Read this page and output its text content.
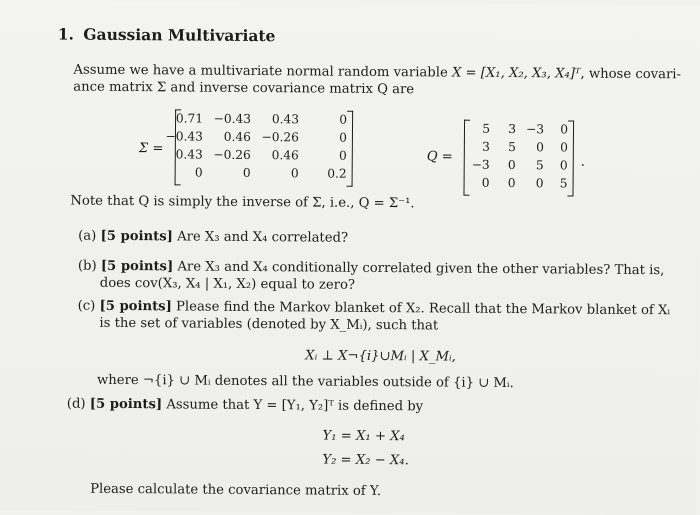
1. Gaussian Multivariate
Assume we have a multivariate normal random variable X = [X₁, X₂, X₃, X₄]ᵀ, whose covari-
ance matrix Σ and inverse covariance matrix Q are
Σ =
0.71 −0.43 0.43	0
−0.43 0.46 −0.26	0
0.43 −0.26 0.46	0
0	0	0 0.2
Q =
5 3 −3 0
3 5 0 0
−3 0 5 0
0 0 0 5
.
Note that Q is simply the inverse of Σ, i.e., Q = Σ⁻¹.
(a) [5 points] Are X₃ and X₄ correlated?
(b) [5 points] Are X₃ and X₄ conditionally correlated given the other variables? That is,
does cov(X₃, X₄ | X₁, X₂) equal to zero?
(c) [5 points] Please find the Markov blanket of X₂. Recall that the Markov blanket of Xᵢ
is the set of variables (denoted by X_Mᵢ), such that
Xᵢ ⊥ X¬{i}∪Mᵢ | X_Mᵢ,
where ¬{i} ∪ Mᵢ denotes all the variables outside of {i} ∪ Mᵢ.
(d) [5 points] Assume that Y = [Y₁, Y₂]ᵀ is defined by
Y₁ = X₁ + X₄
Y₂ = X₂ − X₄.
Please calculate the covariance matrix of Y.
